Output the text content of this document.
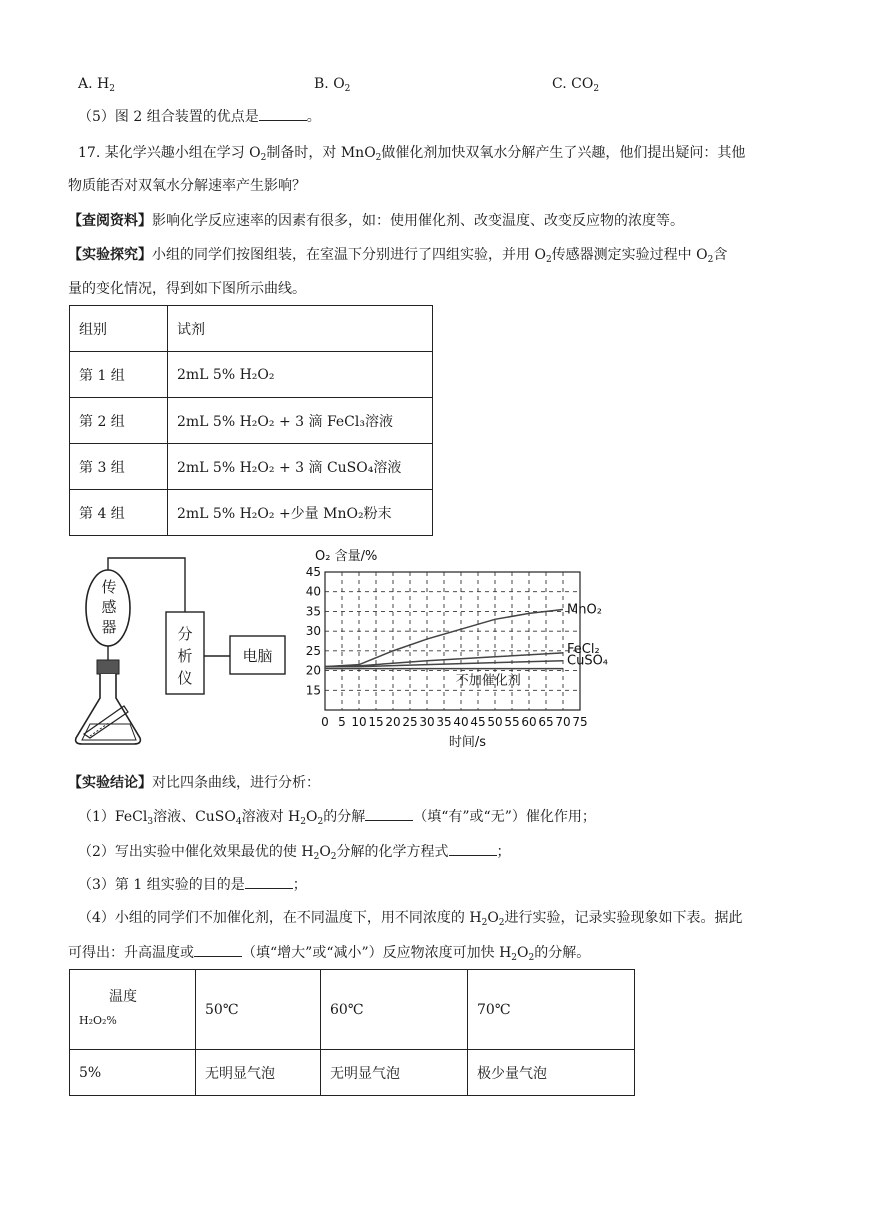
A. $H_2$	B. $O_2$	C. $CO_2$
（5）图 2 组合装置的优点是	。
17. 某化学兴趣小组在学习 $O_2$制备时，对 MnO$_2$做催化剂加快双氧水分解产生了兴趣，他们提出疑问：其他
物质能否对双氧水分解速率产生影响？
【查阅资料】影响化学反应速率的因素有很多，如：使用催化剂、改变温度、改变反应物的浓度等。
【实验探究】小组的同学们按图组装，在室温下分别进行了四组实验，并用 $O_2$传感器测定实验过程中 $O_2$含
量的变化情况，得到如下图所示曲线。
组别	试剂
第 1 组	2mL 5% H₂O₂
第 2 组	2mL 5% H₂O₂ + 3 滴 FeCl₃溶液
第 3 组	2mL 5% H₂O₂ + 3 滴 CuSO₄溶液
第 4 组	2mL 5% H₂O₂ +少量 MnO₂粉末
传
感
器	分
析
仪
电脑
0 5 10 15 20 25 30 35 40 45 50 55 60 65 70 75
15
20
25
30
35
40
45
O₂ 含量/%
时间/s
MnO₂
FeCl₂
CuSO₄
不加催化剂
【实验结论】对比四条曲线，进行分析：
（1）FeCl$_3$溶液、CuSO$_4$溶液对 $H_2O_2$的分解	（填“有”或“无”）催化作用；
（2）写出实验中催化效果最优的使 $H_2O_2$分解的化学方程式	；
（3）第 1 组实验的目的是	；
（4）小组的同学们不加催化剂，在不同温度下，用不同浓度的 $H_2O_2$进行实验，记录实验现象如下表。据此
可得出：升高温度或	（填“增大”或“减小”）反应物浓度可加快 $H_2O_2$的分解。
温度
H₂O₂%	50℃	60℃	70℃
5%	无明显气泡	无明显气泡	极少量气泡
